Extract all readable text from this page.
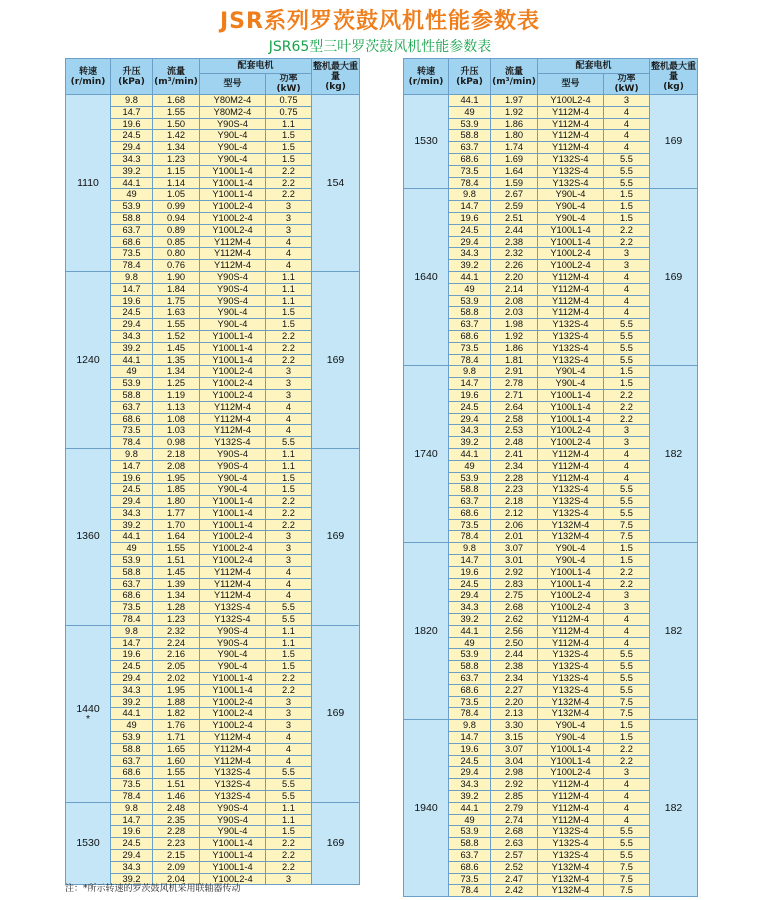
JSR系列罗茨鼓风机性能参数表
JSR65型三叶罗茨鼓风机性能参数表
转速
(r/min)	升压
(kPa)	流量
(m³/min)	配套电机		整机最大重量
(kg)
			型号	功率
(kW)	

1110	9.8	1.68	Y80M2-4	0.75	154
	14.7	1.55	Y80M2-4	0.75	
	19.6	1.50	Y90S-4	1.1	
	24.5	1.42	Y90L-4	1.5	
	29.4	1.34	Y90L-4	1.5	
	34.3	1.23	Y90L-4	1.5	
	39.2	1.15	Y100L1-4	2.2	
	44.1	1.14	Y100L1-4	2.2	
	49	1.05	Y100L1-4	2.2	
	53.9	0.99	Y100L2-4	3	
	58.8	0.94	Y100L2-4	3	
	63.7	0.89	Y100L2-4	3	
	68.6	0.85	Y112M-4	4	
	73.5	0.80	Y112M-4	4	
	78.4	0.76	Y112M-4	4	

1240	9.8	1.90	Y90S-4	1.1	169
	14.7	1.84	Y90S-4	1.1	
	19.6	1.75	Y90S-4	1.1	
	24.5	1.63	Y90L-4	1.5	
	29.4	1.55	Y90L-4	1.5	
	34.3	1.52	Y100L1-4	2.2	
	39.2	1.45	Y100L1-4	2.2	
	44.1	1.35	Y100L1-4	2.2	
	49	1.34	Y100L2-4	3	
	53.9	1.25	Y100L2-4	3	
	58.8	1.19	Y100L2-4	3	
	63.7	1.13	Y112M-4	4	
	68.6	1.08	Y112M-4	4	
	73.5	1.03	Y112M-4	4	
	78.4	0.98	Y132S-4	5.5	

1360	9.8	2.18	Y90S-4	1.1	169
	14.7	2.08	Y90S-4	1.1	
	19.6	1.95	Y90L-4	1.5	
	24.5	1.85	Y90L-4	1.5	
	29.4	1.80	Y100L1-4	2.2	
	34.3	1.77	Y100L1-4	2.2	
	39.2	1.70	Y100L1-4	2.2	
	44.1	1.64	Y100L2-4	3	
	49	1.55	Y100L2-4	3	
	53.9	1.51	Y100L2-4	3	
	58.8	1.45	Y112M-4	4	
	63.7	1.39	Y112M-4	4	
	68.6	1.34	Y112M-4	4	
	73.5	1.28	Y132S-4	5.5	
	78.4	1.23	Y132S-4	5.5	

1440
*	9.8	2.32	Y90S-4	1.1	169
	14.7	2.24	Y90S-4	1.1	
	19.6	2.16	Y90L-4	1.5	
	24.5	2.05	Y90L-4	1.5	
	29.4	2.02	Y100L1-4	2.2	
	34.3	1.95	Y100L1-4	2.2	
	39.2	1.88	Y100L2-4	3	
	44.1	1.82	Y100L2-4	3	
	49	1.76	Y100L2-4	3	
	53.9	1.71	Y112M-4	4	
	58.8	1.65	Y112M-4	4	
	63.7	1.60	Y112M-4	4	
	68.6	1.55	Y132S-4	5.5	
	73.5	1.51	Y132S-4	5.5	
	78.4	1.46	Y132S-4	5.5	

1530	9.8	2.48	Y90S-4	1.1	169
	14.7	2.35	Y90S-4	1.1	
	19.6	2.28	Y90L-4	1.5	
	24.5	2.23	Y100L1-4	2.2	
	29.4	2.15	Y100L1-4	2.2	
	34.3	2.09	Y100L1-4	2.2	
	39.2	2.04	Y100L2-4	3	
转速
(r/min)	升压
(kPa)	流量
(m³/min)	配套电机		整机最大重量
(kg)
			型号	功率
(kW)	

1530	44.1	1.97	Y100L2-4	3	169
	49	1.92	Y112M-4	4	
	53.9	1.86	Y112M-4	4	
	58.8	1.80	Y112M-4	4	
	63.7	1.74	Y112M-4	4	
	68.6	1.69	Y132S-4	5.5	
	73.5	1.64	Y132S-4	5.5	
	78.4	1.59	Y132S-4	5.5	

1640	9.8	2.67	Y90L-4	1.5	169
	14.7	2.59	Y90L-4	1.5	
	19.6	2.51	Y90L-4	1.5	
	24.5	2.44	Y100L1-4	2.2	
	29.4	2.38	Y100L1-4	2.2	
	34.3	2.32	Y100L2-4	3	
	39.2	2.26	Y100L2-4	3	
	44.1	2.20	Y112M-4	4	
	49	2.14	Y112M-4	4	
	53.9	2.08	Y112M-4	4	
	58.8	2.03	Y112M-4	4	
	63.7	1.98	Y132S-4	5.5	
	68.6	1.92	Y132S-4	5.5	
	73.5	1.86	Y132S-4	5.5	
	78.4	1.81	Y132S-4	5.5	

1740	9.8	2.91	Y90L-4	1.5	182
	14.7	2.78	Y90L-4	1.5	
	19.6	2.71	Y100L1-4	2.2	
	24.5	2.64	Y100L1-4	2.2	
	29.4	2.58	Y100L1-4	2.2	
	34.3	2.53	Y100L2-4	3	
	39.2	2.48	Y100L2-4	3	
	44.1	2.41	Y112M-4	4	
	49	2.34	Y112M-4	4	
	53.9	2.28	Y112M-4	4	
	58.8	2.23	Y132S-4	5.5	
	63.7	2.18	Y132S-4	5.5	
	68.6	2.12	Y132S-4	5.5	
	73.5	2.06	Y132M-4	7.5	
	78.4	2.01	Y132M-4	7.5	

1820	9.8	3.07	Y90L-4	1.5	182
	14.7	3.01	Y90L-4	1.5	
	19.6	2.92	Y100L1-4	2.2	
	24.5	2.83	Y100L1-4	2.2	
	29.4	2.75	Y100L2-4	3	
	34.3	2.68	Y100L2-4	3	
	39.2	2.62	Y112M-4	4	
	44.1	2.56	Y112M-4	4	
	49	2.50	Y112M-4	4	
	53.9	2.44	Y132S-4	5.5	
	58.8	2.38	Y132S-4	5.5	
	63.7	2.34	Y132S-4	5.5	
	68.6	2.27	Y132S-4	5.5	
	73.5	2.20	Y132M-4	7.5	
	78.4	2.13	Y132M-4	7.5	

1940	9.8	3.30	Y90L-4	1.5	182
	14.7	3.15	Y90L-4	1.5	
	19.6	3.07	Y100L1-4	2.2	
	24.5	3.04	Y100L1-4	2.2	
	29.4	2.98	Y100L2-4	3	
	34.3	2.92	Y112M-4	4	
	39.2	2.85	Y112M-4	4	
	44.1	2.79	Y112M-4	4	
	49	2.74	Y112M-4	4	
	53.9	2.68	Y132S-4	5.5	
	58.8	2.63	Y132S-4	5.5	
	63.7	2.57	Y132S-4	5.5	
	68.6	2.52	Y132M-4	7.5	
	73.5	2.47	Y132M-4	7.5	
	78.4	2.42	Y132M-4	7.5	
注：*所示转速的罗茨鼓风机采用联轴器传动
